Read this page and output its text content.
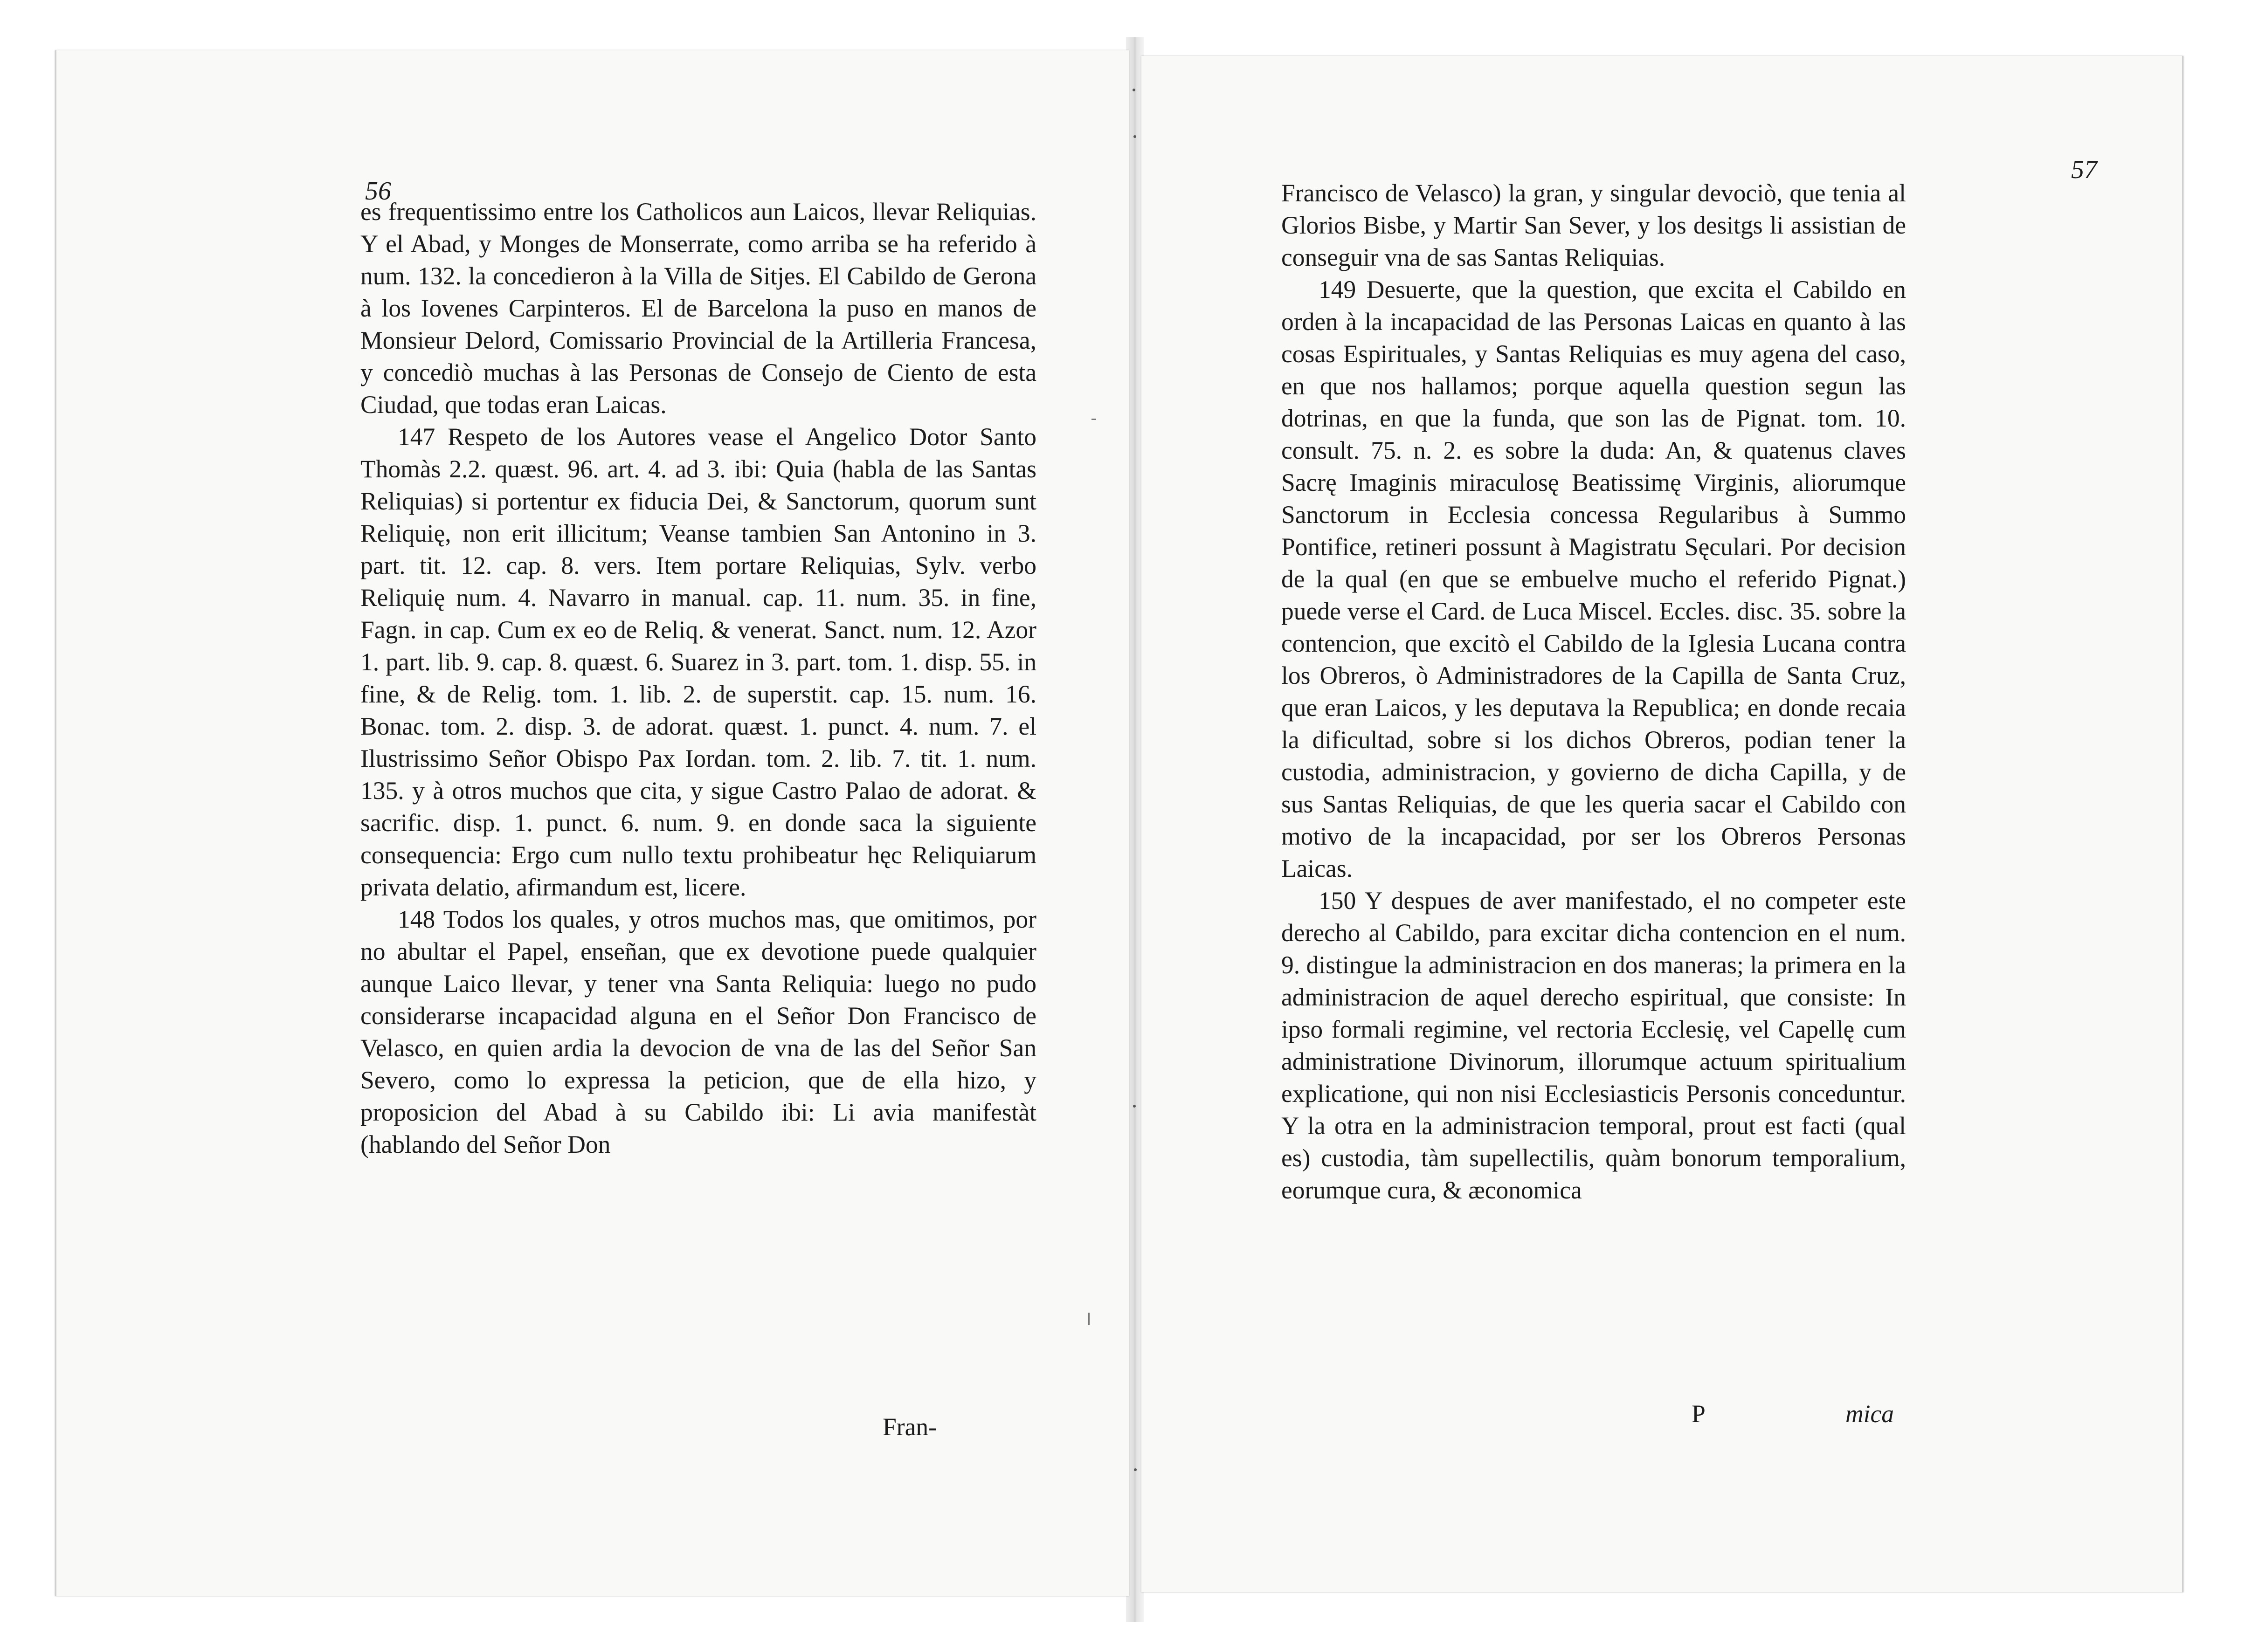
56

es frequentissimo entre los Catholicos aun Laicos, llevar Reliquias. Y el Abad, y Monges de Monserrate, como arriba se ha referido à num. 132. la concedieron à la Villa de Sitjes. El Cabildo de Gerona à los Iovenes Carpinteros. El de Barcelona la puso en manos de Monsieur Delord, Comissario Provincial de la Artilleria Francesa, y concediò muchas à las Personas de Consejo de Ciento de esta Ciudad, que todas eran Laicas.

147 Respeto de los Autores vease el Angelico Dotor Santo Thomàs 2.2. quæst. 96. art. 4. ad 3. ibi: Quia (habla de las Santas Reliquias) si portentur ex fiducia Dei, & Sanctorum, quorum sunt Reliquię, non erit illicitum; Veanse tambien San Antonino in 3. part. tit. 12. cap. 8. vers. Item portare Reliquias, Sylv. verbo Reliquię num. 4. Navarro in manual. cap. 11. num. 35. in fine, Fagn. in cap. Cum ex eo de Reliq. & venerat. Sanct. num. 12. Azor 1. part. lib. 9. cap. 8. quæst. 6. Suarez in 3. part. tom. 1. disp. 55. in fine, & de Relig. tom. 1. lib. 2. de superstit. cap. 15. num. 16. Bonac. tom. 2. disp. 3. de adorat. quæst. 1. punct. 4. num. 7. el Ilustrissimo Señor Obispo Pax Iordan. tom. 2. lib. 7. tit. 1. num. 135. y à otros muchos que cita, y sigue Castro Palao de adorat. & sacrific. disp. 1. punct. 6. num. 9. en donde saca la siguiente consequencia: Ergo cum nullo textu prohibeatur hęc Reliquiarum privata delatio, afirmandum est, licere.

148 Todos los quales, y otros muchos mas, que omitimos, por no abultar el Papel, enseñan, que ex devotione puede qualquier aunque Laico llevar, y tener vna Santa Reliquia: luego no pudo considerarse incapacidad alguna en el Señor Don Francisco de Velasco, en quien ardia la devocion de vna de las del Señor San Severo, como lo expressa la peticion, que de ella hizo, y proposicion del Abad à su Cabildo ibi: Li avia manifestàt (hablando del Señor Don

Fran-
57

Francisco de Velasco) la gran, y singular devociò, que tenia al Glorios Bisbe, y Martir San Sever, y los desitgs li assistian de conseguir vna de sas Santas Reliquias.

149 Desuerte, que la question, que excita el Cabildo en orden à la incapacidad de las Personas Laicas en quanto à las cosas Espirituales, y Santas Reliquias es muy agena del caso, en que nos hallamos; porque aquella question segun las dotrinas, en que la funda, que son las de Pignat. tom. 10. consult. 75. n. 2. es sobre la duda: An, & quatenus claves Sacrę Imaginis miraculosę Beatissimę Virginis, aliorumque Sanctorum in Ecclesia concessa Regularibus à Summo Pontifice, retineri possunt à Magistratu Sęculari. Por decision de la qual (en que se embuelve mucho el referido Pignat.) puede verse el Card. de Luca Miscel. Eccles. disc. 35. sobre la contencion, que excitò el Cabildo de la Iglesia Lucana contra los Obreros, ò Administradores de la Capilla de Santa Cruz, que eran Laicos, y les deputava la Republica; en donde recaia la dificultad, sobre si los dichos Obreros, podian tener la custodia, administracion, y govierno de dicha Capilla, y de sus Santas Reliquias, de que les queria sacar el Cabildo con motivo de la incapacidad, por ser los Obreros Personas Laicas.

150 Y despues de aver manifestado, el no competer este derecho al Cabildo, para excitar dicha contencion en el num. 9. distingue la administracion en dos maneras; la primera en la administracion de aquel derecho espiritual, que consiste: In ipso formali regimine, vel rectoria Ecclesię, vel Capellę cum administratione Divinorum, illorumque actuum spiritualium explicatione, qui non nisi Ecclesiasticis Personis conceduntur. Y la otra en la administracion temporal, prout est facti (qual es) custodia, tàm supellectilis, quàm bonorum temporalium, eorumque cura, & æconomica

P	mica
